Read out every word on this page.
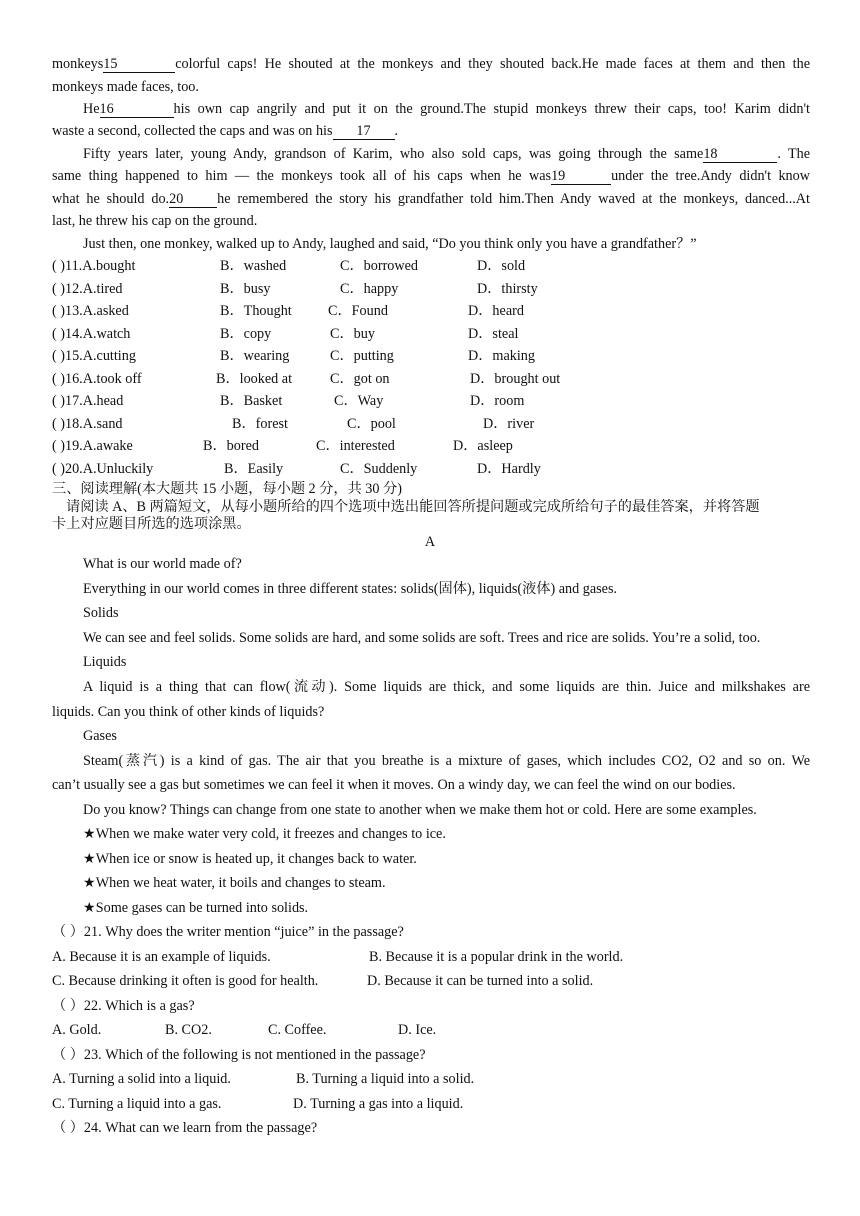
monkeys15	colorful caps! He shouted at the monkeys and they shouted back.He made faces at them and then the
monkeys made faces, too.
He16	his own cap angrily and put it on the ground.The stupid monkeys threw their caps, too! Karim didn't
waste a second, collected the caps and was on his 17 .
Fifty years later, young Andy, grandson of Karim, who also sold caps, was going through the same18	. The
same thing happened to him — the monkeys took all of his caps when he was19	under the tree.Andy didn't know
what he should do.20 he remembered the story his grandfather told him.Then Andy waved at the monkeys, danced...At
last, he threw his cap on the ground.
Just then, one monkey, walked up to Andy, laughed and said, “Do you think only you have a grandfather？”
( )11.A.bought	B．washed	C．borrowed	D．sold
( )12.A.tired	B．busy	C．happy	D．thirsty
( )13.A.asked	B．Thought	C．Found	D．heard
( )14.A.watch	B．copy	C．buy	D．steal
( )15.A.cutting	B．wearing	C．putting	D．making
( )16.A.took off	B．looked at	C．got on	D．brought out
( )17.A.head	B．Basket	C．Way	D．room
( )18.A.sand	B．forest	C．pool	D．river
( )19.A.awake	B．bored	C．interested	D．asleep
( )20.A.Unluckily	B．Easily	C．Suddenly	D．Hardly
三、阅读理解(本大题共 15 小题，每小题 2 分，共 30 分)
请阅读 A、B 两篇短文，从每小题所给的四个选项中选出能回答所提问题或完成所给句子的最佳答案，并将答题
卡上对应题目所选的选项涂黑。
A
What is our world made of?
Everything in our world comes in three different states: solids(固体), liquids(液体) and gases.
Solids
We can see and feel solids. Some solids are hard, and some solids are soft. Trees and rice are solids. You’re a solid, too.
Liquids
A liquid is a thing that can flow(流动). Some liquids are thick, and some liquids are thin. Juice and milkshakes are
liquids. Can you think of other kinds of liquids?
Gases
Steam(蒸汽) is a kind of gas. The air that you breathe is a mixture of gases, which includes CO2, O2 and so on. We
can’t usually see a gas but sometimes we can feel it when it moves. On a windy day, we can feel the wind on our bodies.
Do you know? Things can change from one state to another when we make them hot or cold. Here are some examples.
★When we make water very cold, it freezes and changes to ice.
★When ice or snow is heated up, it changes back to water.
★When we heat water, it boils and changes to steam.
★Some gases can be turned into solids.
（ ）21. Why does the writer mention “juice” in the passage?
A. Because it is an example of liquids.	B. Because it is a popular drink in the world.
C. Because drinking it often is good for health.	D. Because it can be turned into a solid.
（ ）22. Which is a gas?
A. Gold.	B. CO2.	C. Coffee.	D. Ice.
（ ）23. Which of the following is not mentioned in the passage?
A. Turning a solid into a liquid.	B. Turning a liquid into a solid.
C. Turning a liquid into a gas.	D. Turning a gas into a liquid.
（ ）24. What can we learn from the passage?
